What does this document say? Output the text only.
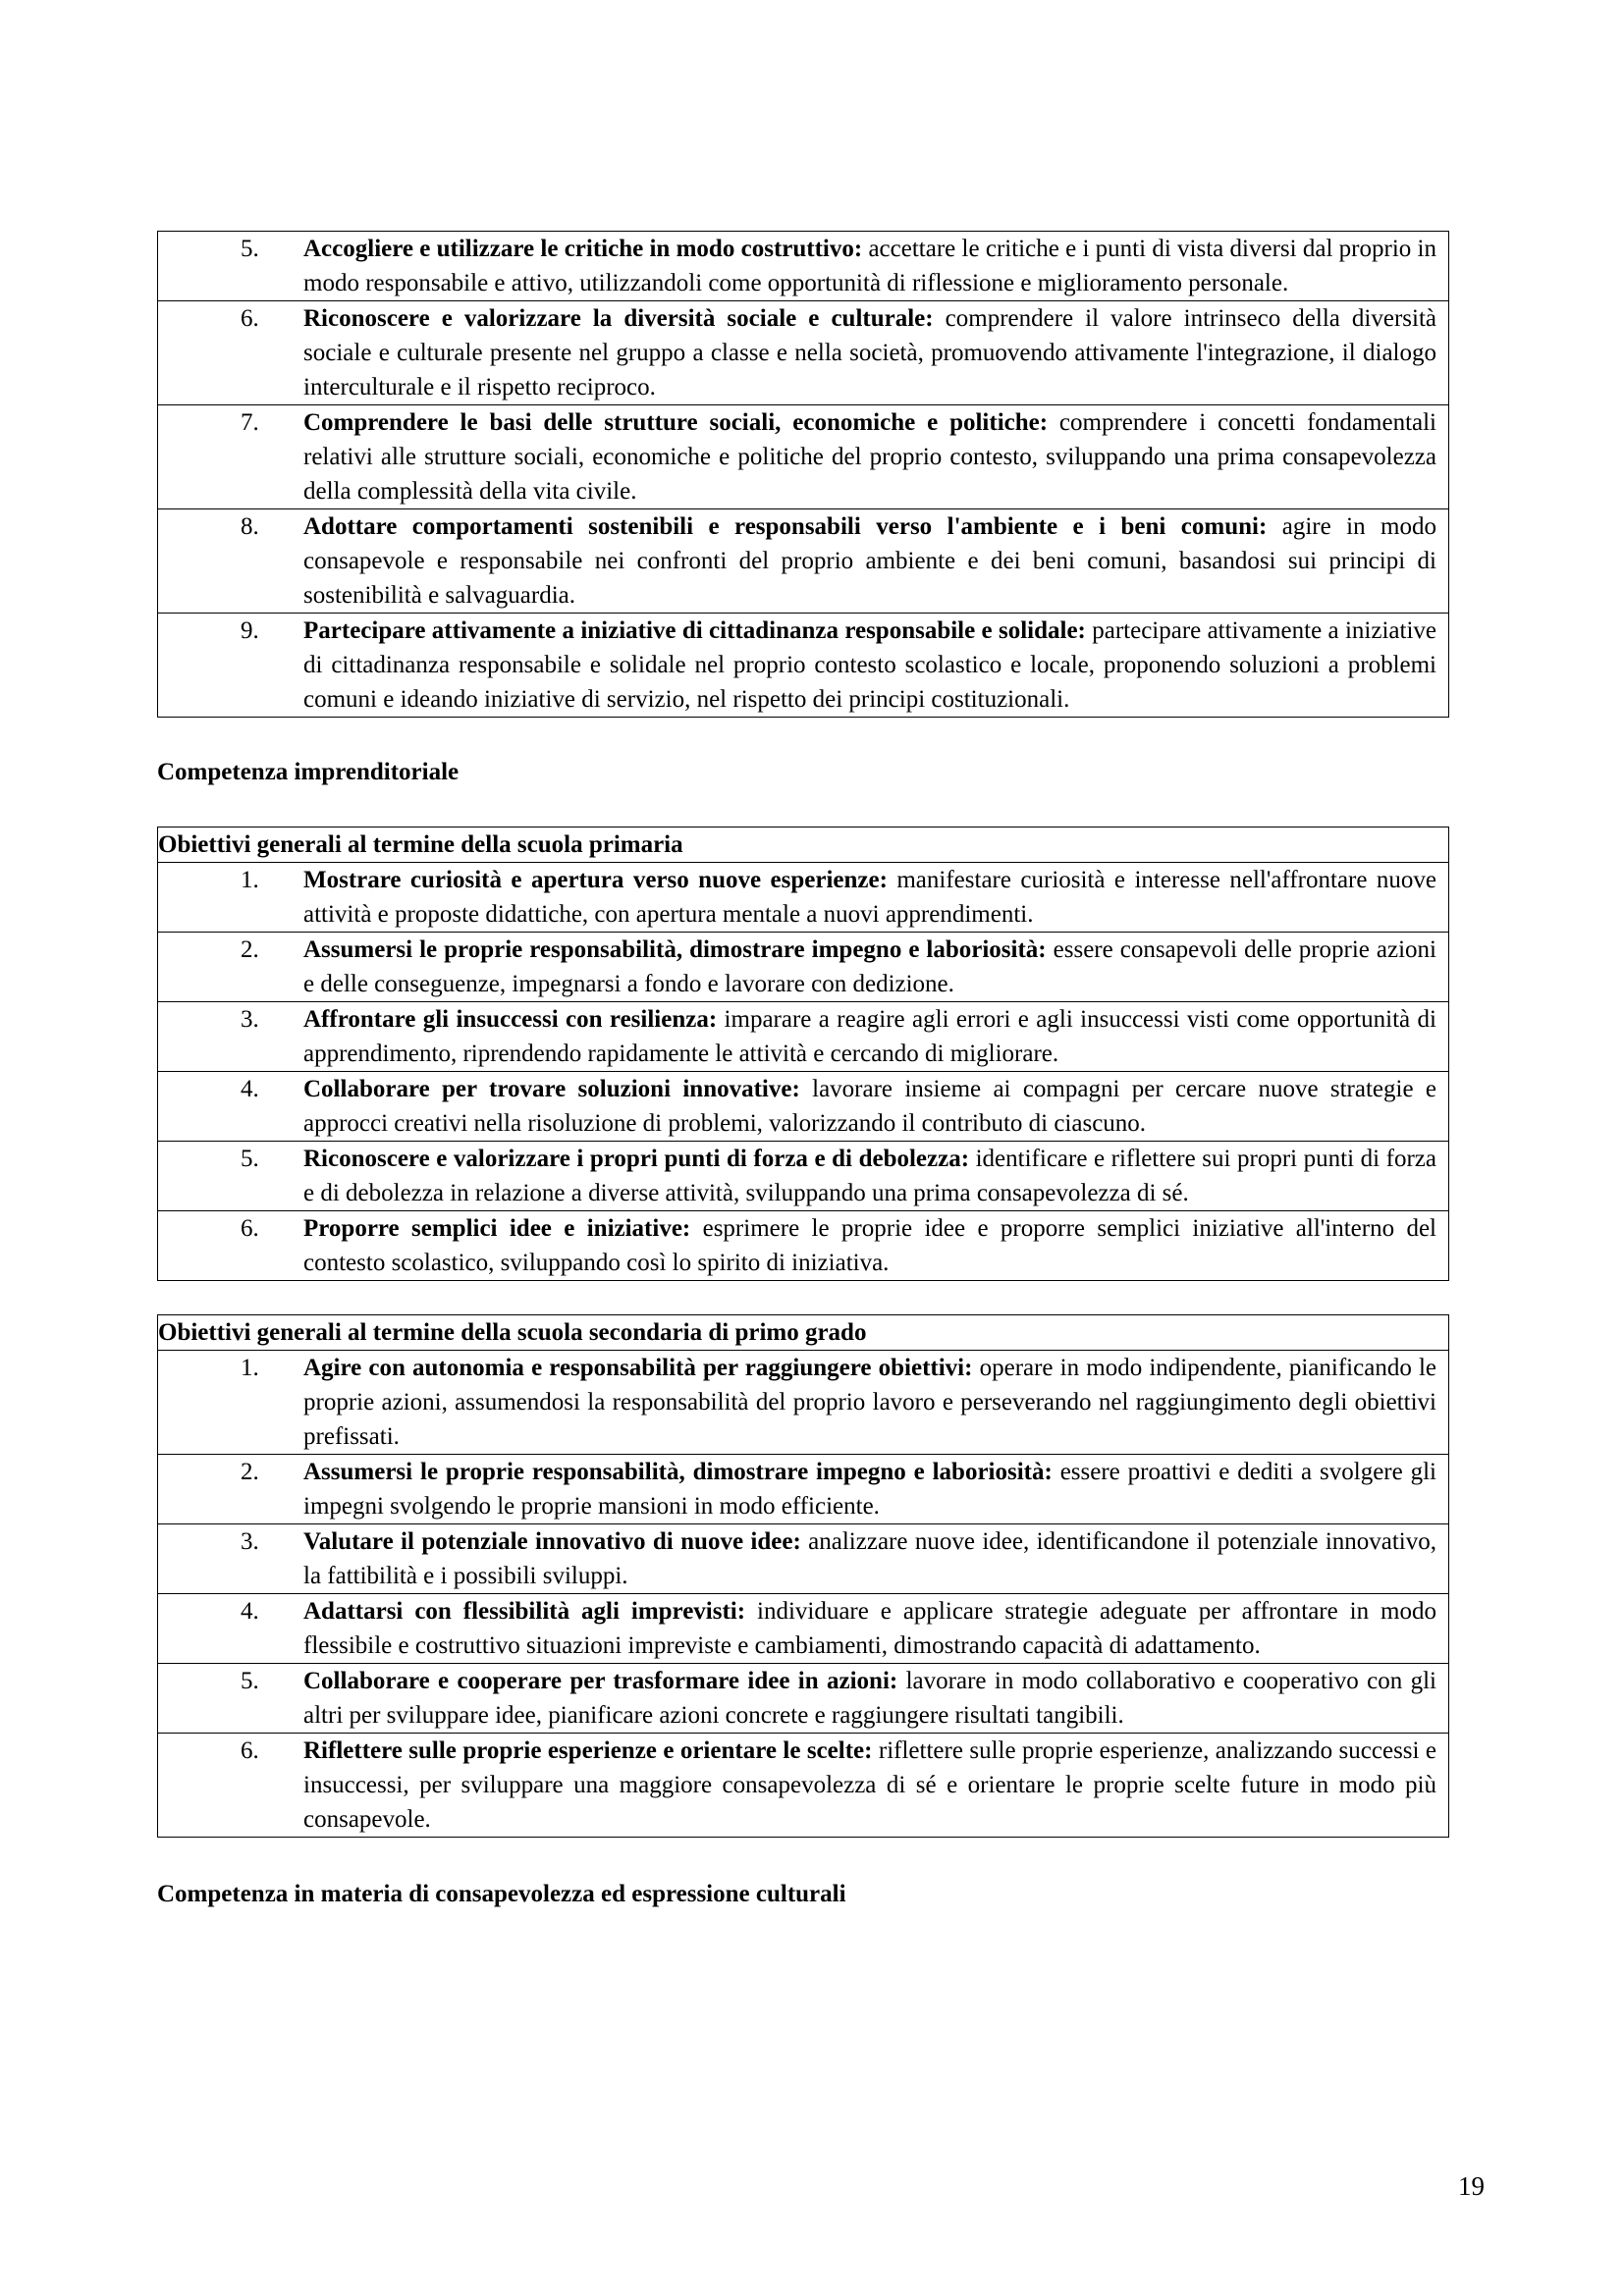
5.	Accogliere e utilizzare le critiche in modo costruttivo: accettare le critiche e i punti di vista diversi dal proprio in modo responsabile e attivo, utilizzandoli come opportunità di riflessione e miglioramento personale.

6.	Riconoscere e valorizzare la diversità sociale e culturale: comprendere il valore intrinseco della diversità sociale e culturale presente nel gruppo a classe e nella società, promuovendo attivamente l'integrazione, il dialogo interculturale e il rispetto reciproco.

7.	Comprendere le basi delle strutture sociali, economiche e politiche: comprendere i concetti fondamentali relativi alle strutture sociali, economiche e politiche del proprio contesto, sviluppando una prima consapevolezza della complessità della vita civile.

8.	Adottare comportamenti sostenibili e responsabili verso l'ambiente e i beni comuni: agire in modo consapevole e responsabile nei confronti del proprio ambiente e dei beni comuni, basandosi sui principi di sostenibilità e salvaguardia.

9.	Partecipare attivamente a iniziative di cittadinanza responsabile e solidale: partecipare attivamente a iniziative di cittadinanza responsabile e solidale nel proprio contesto scolastico e locale, proponendo soluzioni a problemi comuni e ideando iniziative di servizio, nel rispetto dei principi costituzionali.

Competenza imprenditoriale

Obiettivi generali al termine della scuola primaria

1.	Mostrare curiosità e apertura verso nuove esperienze: manifestare curiosità e interesse nell'affrontare nuove attività e proposte didattiche, con apertura mentale a nuovi apprendimenti.

2.	Assumersi le proprie responsabilità, dimostrare impegno e laboriosità: essere consapevoli delle proprie azioni e delle conseguenze, impegnarsi a fondo e lavorare con dedizione.

3.	Affrontare gli insuccessi con resilienza: imparare a reagire agli errori e agli insuccessi visti come opportunità di apprendimento, riprendendo rapidamente le attività e cercando di migliorare.

4.	Collaborare per trovare soluzioni innovative: lavorare insieme ai compagni per cercare nuove strategie e approcci creativi nella risoluzione di problemi, valorizzando il contributo di ciascuno.

5.	Riconoscere e valorizzare i propri punti di forza e di debolezza: identificare e riflettere sui propri punti di forza e di debolezza in relazione a diverse attività, sviluppando una prima consapevolezza di sé.

6.	Proporre semplici idee e iniziative: esprimere le proprie idee e proporre semplici iniziative all'interno del contesto scolastico, sviluppando così lo spirito di iniziativa.
Obiettivi generali al termine della scuola secondaria di primo grado

1.	Agire con autonomia e responsabilità per raggiungere obiettivi: operare in modo indipendente, pianificando le proprie azioni, assumendosi la responsabilità del proprio lavoro e perseverando nel raggiungimento degli obiettivi prefissati.

2.	Assumersi le proprie responsabilità, dimostrare impegno e laboriosità: essere proattivi e dediti a svolgere gli impegni svolgendo le proprie mansioni in modo efficiente.

3.	Valutare il potenziale innovativo di nuove idee: analizzare nuove idee, identificandone il potenziale innovativo, la fattibilità e i possibili sviluppi.

4.	Adattarsi con flessibilità agli imprevisti: individuare e applicare strategie adeguate per affrontare in modo flessibile e costruttivo situazioni impreviste e cambiamenti, dimostrando capacità di adattamento.

5.	Collaborare e cooperare per trasformare idee in azioni: lavorare in modo collaborativo e cooperativo con gli altri per sviluppare idee, pianificare azioni concrete e raggiungere risultati tangibili.

6.	Riflettere sulle proprie esperienze e orientare le scelte: riflettere sulle proprie esperienze, analizzando successi e insuccessi, per sviluppare una maggiore consapevolezza di sé e orientare le proprie scelte future in modo più consapevole.

Competenza in materia di consapevolezza ed espressione culturali

19
